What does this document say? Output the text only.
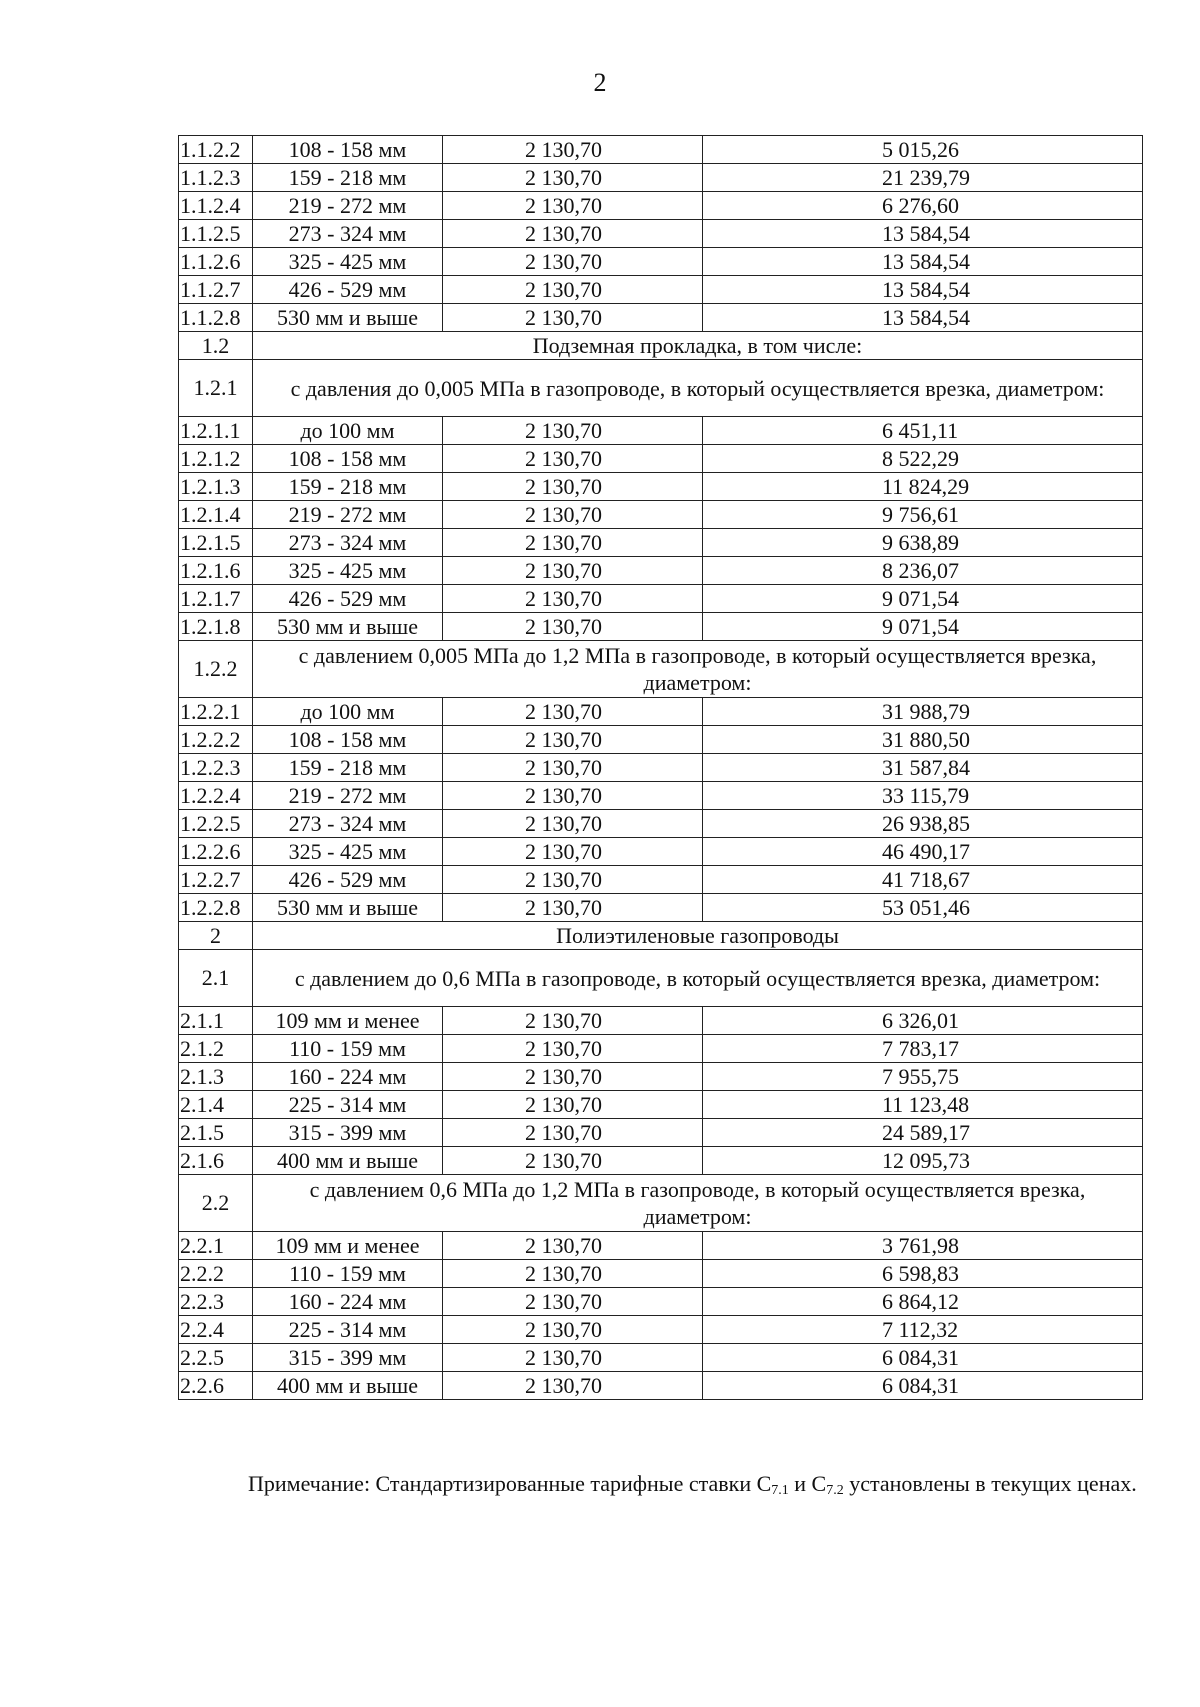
2
1.1.2.2	108 - 158 мм	2 130,70	5 015,26
1.1.2.3	159 - 218 мм	2 130,70	21 239,79
1.1.2.4	219 - 272 мм	2 130,70	6 276,60
1.1.2.5	273 - 324 мм	2 130,70	13 584,54
1.1.2.6	325 - 425 мм	2 130,70	13 584,54
1.1.2.7	426 - 529 мм	2 130,70	13 584,54
1.1.2.8	530 мм и выше	2 130,70	13 584,54
1.2	Подземная прокладка, в том числе:		
1.2.1	с давления до 0,005 МПа в газопроводе, в который осуществляется врезка, диаметром:		
1.2.1.1	до 100 мм	2 130,70	6 451,11
1.2.1.2	108 - 158 мм	2 130,70	8 522,29
1.2.1.3	159 - 218 мм	2 130,70	11 824,29
1.2.1.4	219 - 272 мм	2 130,70	9 756,61
1.2.1.5	273 - 324 мм	2 130,70	9 638,89
1.2.1.6	325 - 425 мм	2 130,70	8 236,07
1.2.1.7	426 - 529 мм	2 130,70	9 071,54
1.2.1.8	530 мм и выше	2 130,70	9 071,54
1.2.2	с давлением 0,005 МПа до 1,2 МПа в газопроводе, в который осуществляется врезка, диаметром:		
1.2.2.1	до 100 мм	2 130,70	31 988,79
1.2.2.2	108 - 158 мм	2 130,70	31 880,50
1.2.2.3	159 - 218 мм	2 130,70	31 587,84
1.2.2.4	219 - 272 мм	2 130,70	33 115,79
1.2.2.5	273 - 324 мм	2 130,70	26 938,85
1.2.2.6	325 - 425 мм	2 130,70	46 490,17
1.2.2.7	426 - 529 мм	2 130,70	41 718,67
1.2.2.8	530 мм и выше	2 130,70	53 051,46
2	Полиэтиленовые газопроводы		
2.1	с давлением до 0,6 МПа в газопроводе, в который осуществляется врезка, диаметром:		
2.1.1	109 мм и менее	2 130,70	6 326,01
2.1.2	110 - 159 мм	2 130,70	7 783,17
2.1.3	160 - 224 мм	2 130,70	7 955,75
2.1.4	225 - 314 мм	2 130,70	11 123,48
2.1.5	315 - 399 мм	2 130,70	24 589,17
2.1.6	400 мм и выше	2 130,70	12 095,73
2.2	с давлением 0,6 МПа до 1,2 МПа в газопроводе, в который осуществляется врезка, диаметром:		
2.2.1	109 мм и менее	2 130,70	3 761,98
2.2.2	110 - 159 мм	2 130,70	6 598,83
2.2.3	160 - 224 мм	2 130,70	6 864,12
2.2.4	225 - 314 мм	2 130,70	7 112,32
2.2.5	315 - 399 мм	2 130,70	6 084,31
2.2.6	400 мм и выше	2 130,70	6 084,31
Примечание: Стандартизированные тарифные ставки $С_{7.1}$ и $С_{7.2}$ установлены в текущих ценах.
